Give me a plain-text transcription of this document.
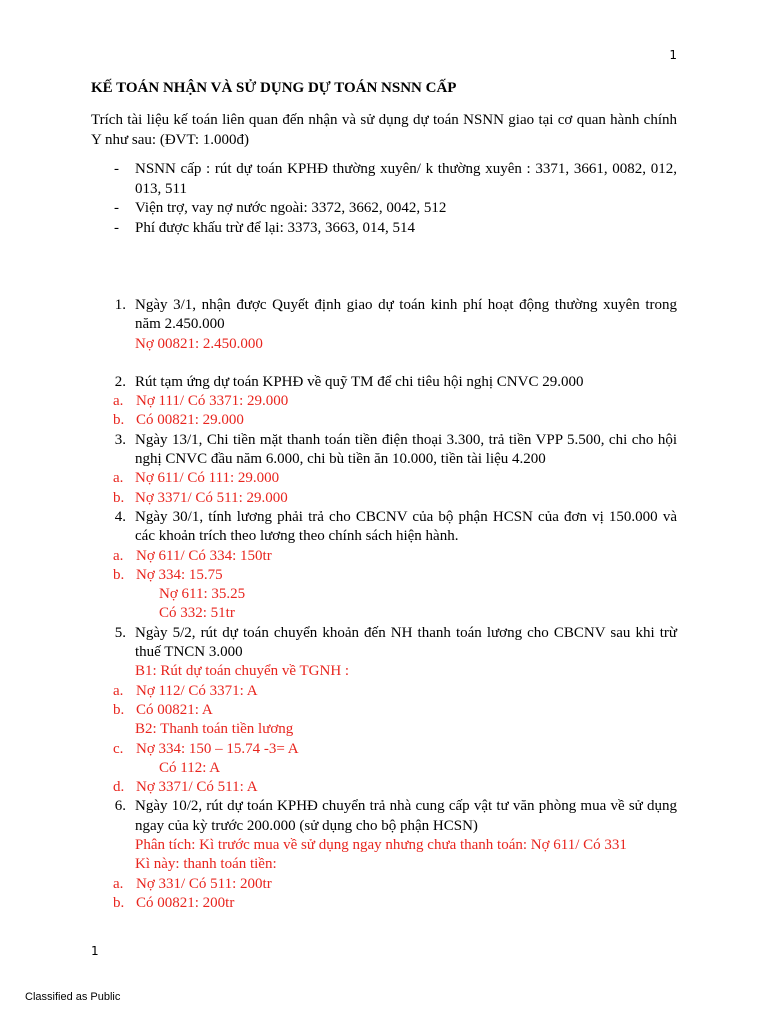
1
KẾ TOÁN NHẬN VÀ SỬ DỤNG DỰ TOÁN NSNN CẤP
Trích tài liệu kế toán liên quan đến nhận và sử dụng dự toán NSNN giao tại cơ quan hành chính Y như sau: (ĐVT: 1.000đ)
-	NSNN cấp : rút dự toán KPHĐ thường xuyên/ k thường xuyên : 3371, 3661, 0082, 012, 013, 511
-	Viện trợ, vay nợ nước ngoài: 3372, 3662, 0042, 512
-	Phí được khấu trừ để lại: 3373, 3663, 014, 514
1. Ngày 3/1, nhận được Quyết định giao dự toán kinh phí hoạt động thường xuyên trong năm 2.450.000
Nợ 00821: 2.450.000
2. Rút tạm ứng dự toán KPHĐ về quỹ TM để chi tiêu hội nghị CNVC 29.000
a. Nợ 111/ Có 3371: 29.000
b. Có 00821: 29.000
3. Ngày 13/1, Chi tiền mặt thanh toán tiền điện thoại 3.300, trả tiền VPP 5.500, chi cho hội nghị CNVC đầu năm 6.000, chi bù tiền ăn 10.000, tiền tài liệu 4.200
a. Nợ 611/ Có 111: 29.000
b. Nợ 3371/ Có 511: 29.000
4. Ngày 30/1, tính lương phải trả cho CBCNV của bộ phận HCSN của đơn vị 150.000 và các khoản trích theo lương theo chính sách hiện hành.
a. Nợ 611/ Có 334: 150tr
b. Nợ 334: 15.75
Nợ 611: 35.25
Có 332: 51tr
5. Ngày 5/2, rút dự toán chuyển khoản đến NH thanh toán lương cho CBCNV sau khi trừ thuế TNCN 3.000
B1: Rút dự toán chuyển về TGNH :
a. Nợ 112/ Có 3371: A
b. Có 00821: A
B2: Thanh toán tiền lương
c. Nợ 334: 150 – 15.74 -3= A
Có 112: A
d. Nợ 3371/ Có 511: A
6. Ngày 10/2, rút dự toán KPHĐ chuyển trả nhà cung cấp vật tư văn phòng mua về sử dụng ngay của kỳ trước 200.000 (sử dụng cho bộ phận HCSN)
Phân tích: Kì trước mua về sử dụng ngay nhưng chưa thanh toán: Nợ 611/ Có 331
Kì này: thanh toán tiền:
a. Nợ 331/ Có 511: 200tr
b. Có 00821: 200tr
1
Classified as Public
